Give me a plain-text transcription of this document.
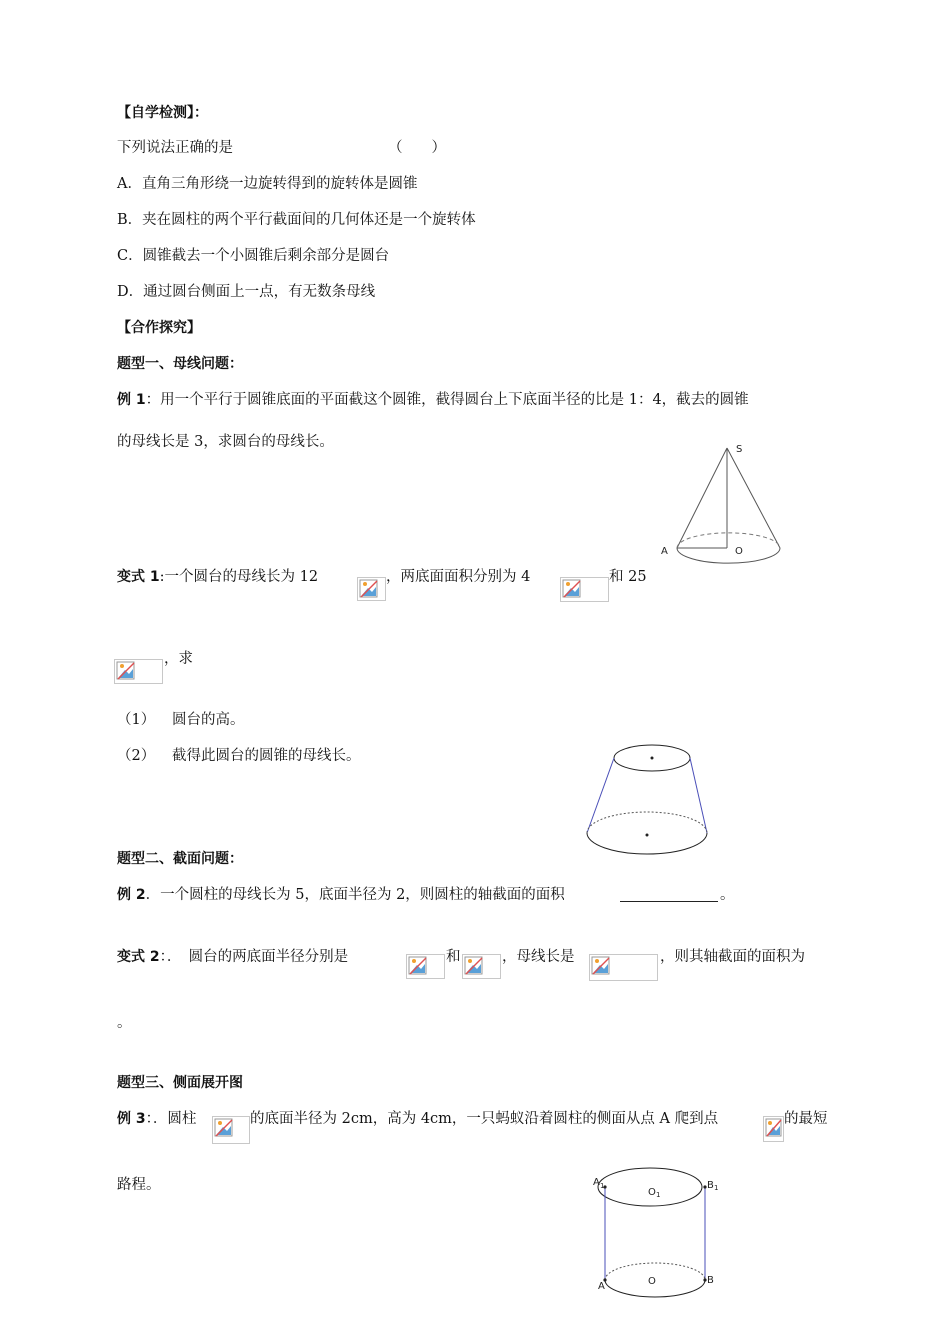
【自学检测】：
下列说法正确的是	（　　）
A．直角三角形绕一边旋转得到的旋转体是圆锥
B．夹在圆柱的两个平行截面间的几何体还是一个旋转体
C．圆锥截去一个小圆锥后剩余部分是圆台
D．通过圆台侧面上一点，有无数条母线
【合作探究】
题型一、母线问题：
例 1：用一个平行于圆锥底面的平面截这个圆锥，截得圆台上下底面半径的比是 1：4，截去的圆锥
的母线长是 3，求圆台的母线长。	S
A	O
变式 1:一个圆台的母线长为 12	，两底面面积分别为 4	和 25
，求
（1） 圆台的高。
（2） 截得此圆台的圆锥的母线长。
题型二、截面问题：
例 2．一个圆柱的母线长为 5，底面半径为 2，则圆柱的轴截面的面积	。
变式 2：．　圆台的两底面半径分别是	和	，母线长是	，则其轴截面的面积为
。
题型三、侧面展开图
例 3：．圆柱	的底面半径为 2cm，高为 4cm，一只蚂蚁沿着圆柱的侧面从点 A 爬到点	的最短
路程。	A 1	B 1
O 1
A
B
O
